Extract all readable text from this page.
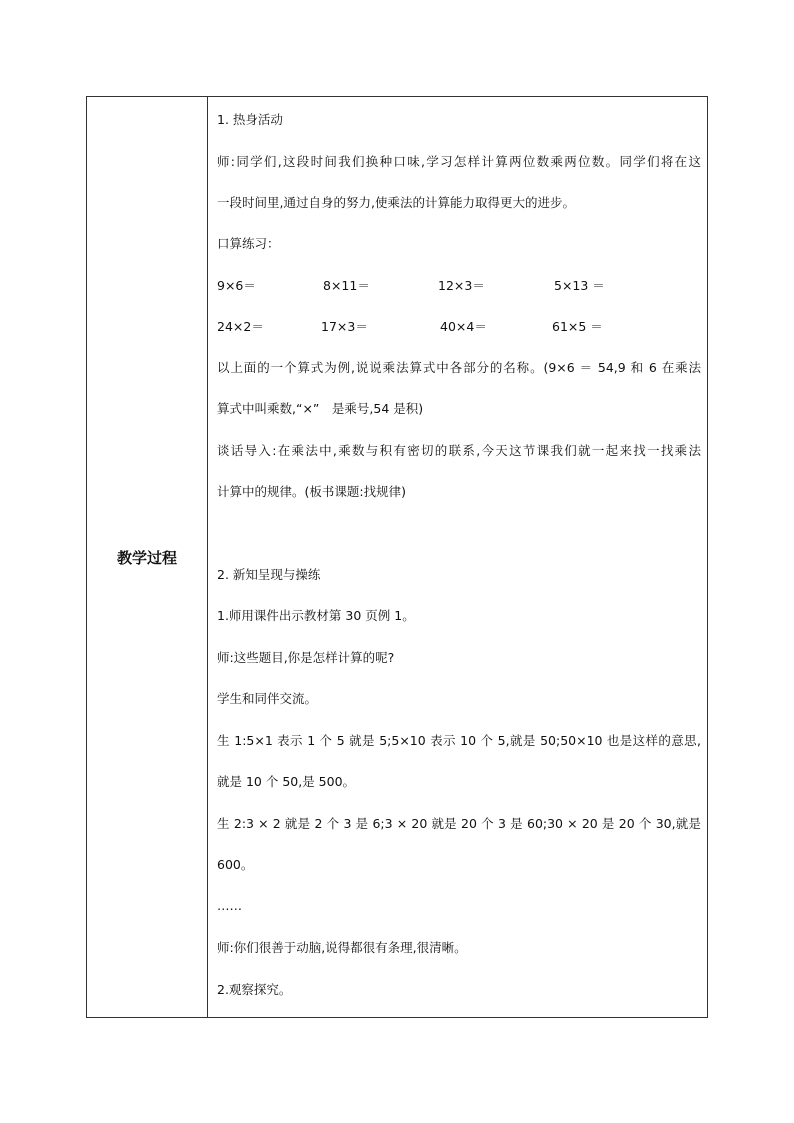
教学过程
1. 热身活动
师:同学们,这段时间我们换种口味,学习怎样计算两位数乘两位数。同学们将在这
一段时间里,通过自身的努力,使乘法的计算能力取得更大的进步。
口算练习：
9×6＝	8×11＝	12×3＝	5×13 ＝
24×2＝	17×3＝	40×4＝	61×5 ＝
以上面的一个算式为例,说说乘法算式中各部分的名称。(9×6 ＝ 54,9 和 6 在乘法
算式中叫乘数,“×”　是乘号,54 是积)
谈话导入:在乘法中,乘数与积有密切的联系,今天这节课我们就一起来找一找乘法
计算中的规律。(板书课题:找规律)
2. 新知呈现与操练
1.师用课件出示教材第 30 页例 1。
师:这些题目,你是怎样计算的呢?
学生和同伴交流。
生 1:5×1 表示 1 个 5 就是 5;5×10 表示 10 个 5,就是 50;50×10 也是这样的意思,
就是 10 个 50,是 500。
生 2:3 × 2 就是 2 个 3 是 6;3 × 20 就是 20 个 3 是 60;30 × 20 是 20 个 30,就是
600。
……
师:你们很善于动脑,说得都很有条理,很清晰。
2.观察探究。
